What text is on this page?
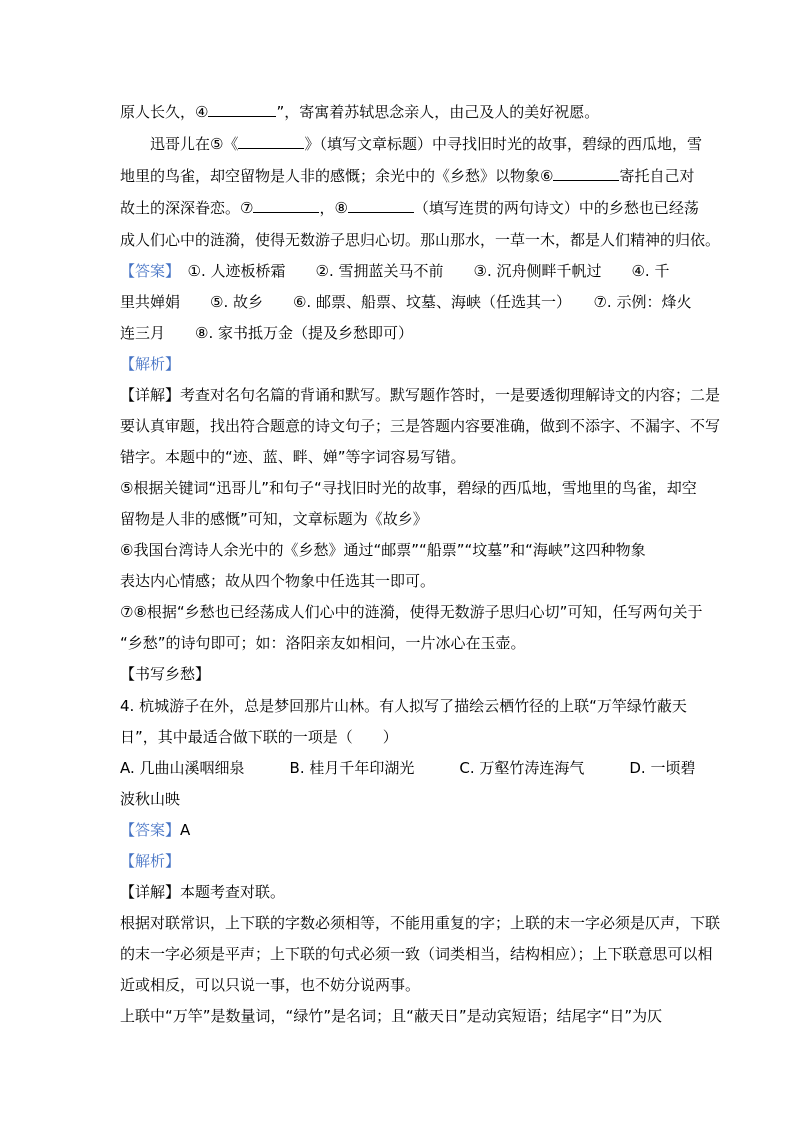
原人长久，④	”，寄寓着苏轼思念亲人，由己及人的美好祝愿。
迅哥儿在⑤《	》（填写文章标题）中寻找旧时光的故事，碧绿的西瓜地，雪
地里的鸟雀，却空留物是人非的感慨；余光中的《乡愁》以物象⑥	寄托自己对
故土的深深眷恋。⑦	，⑧	（填写连贯的两句诗文）中的乡愁也已经荡
成人们心中的涟漪，使得无数游子思归心切。那山那水，一草一木，都是人们精神的归依。
【答案】　 ①. 人迹板桥霜　　②. 雪拥蓝关马不前　　③. 沉舟侧畔千帆过　　④. 千
里共婵娟　　⑤. 故乡　　⑥. 邮票、船票、坟墓、海峡（任选其一）　　⑦. 示例：烽火
连三月　　⑧. 家书抵万金（提及乡愁即可）
【解析】
【详解】考查对名句名篇的背诵和默写。默写题作答时，一是要透彻理解诗文的内容；二是
要认真审题，找出符合题意的诗文句子；三是答题内容要准确，做到不添字、不漏字、不写
错字。本题中的“迹、蓝、畔、婵”等字词容易写错。
⑤根据关键词“迅哥儿”和句子“寻找旧时光的故事，碧绿的西瓜地，雪地里的鸟雀，却空
留物是人非的感慨”可知，文章标题为《故乡》
⑥我国台湾诗人余光中的《乡愁》通过“邮票”“船票”“坟墓”和“海峡”这四种物象
表达内心情感；故从四个物象中任选其一即可。
⑦⑧根据“乡愁也已经荡成人们心中的涟漪，使得无数游子思归心切”可知，任写两句关于
“乡愁”的诗句即可；如：洛阳亲友如相问，一片冰心在玉壶。
【书写乡愁】
4. 杭城游子在外，总是梦回那片山林。有人拟写了描绘云栖竹径的上联“万竿绿竹蔽天
日”，其中最适合做下联的一项是（　　）
A. 几曲山溪咽细泉　　　B. 桂月千年印湖光　　　C. 万壑竹涛连海气　　　D. 一顷碧
波秋山映
【答案】A
【解析】
【详解】本题考查对联。
根据对联常识，上下联的字数必须相等，不能用重复的字；上联的末一字必须是仄声，下联
的末一字必须是平声；上下联的句式必须一致（词类相当，结构相应）；上下联意思可以相
近或相反，可以只说一事，也不妨分说两事。
上联中“万竿”是数量词，“绿竹”是名词；且“蔽天日”是动宾短语；结尾字“日”为仄
